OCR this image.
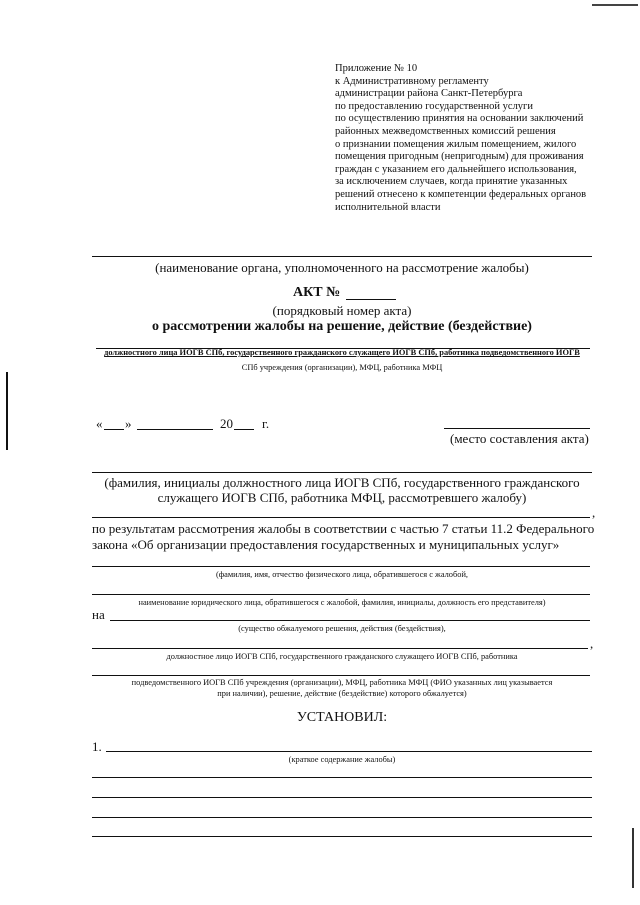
Приложение № 10
к Административному регламенту
администрации района Санкт-Петербурга
по предоставлению государственной услуги
по осуществлению принятия на основании заключений
районных межведомственных комиссий решения
о признании помещения жилым помещением, жилого
помещения пригодным (непригодным) для проживания
граждан с указанием его дальнейшего использования,
за исключением случаев, когда принятие указанных
решений отнесено к компетенции федеральных органов
исполнительной власти
(наименование органа, уполномоченного на рассмотрение жалобы)
АКТ №
(порядковый номер акта)
о рассмотрении жалобы на решение, действие (бездействие)
должностного лица ИОГВ СПб, государственного гражданского служащего ИОГВ СПб, работника подведомственного ИОГВ
СПб учреждения (организации), МФЦ, работника МФЦ
« »	20 г.
(место составления акта)
(фамилия, инициалы должностного лица ИОГВ СПб, государственного гражданского
служащего ИОГВ СПб, работника МФЦ, рассмотревшего жалобу)
,
по результатам рассмотрения жалобы в соответствии с частью 7 статьи 11.2 Федерального
закона «Об организации предоставления государственных и муниципальных услуг»
(фамилия, имя, отчество физического лица, обратившегося с жалобой,
наименование юридического лица, обратившегося с жалобой, фамилия, инициалы, должность его представителя)
на
(существо обжалуемого решения, действия (бездействия),
,
должностное лицо ИОГВ СПб, государственного гражданского служащего ИОГВ СПб, работника
подведомственного ИОГВ СПб учреждения (организации), МФЦ, работника МФЦ (ФИО указанных лиц указывается
при наличии), решение, действие (бездействие) которого обжалуется)
УСТАНОВИЛ:
1.
(краткое содержание жалобы)
